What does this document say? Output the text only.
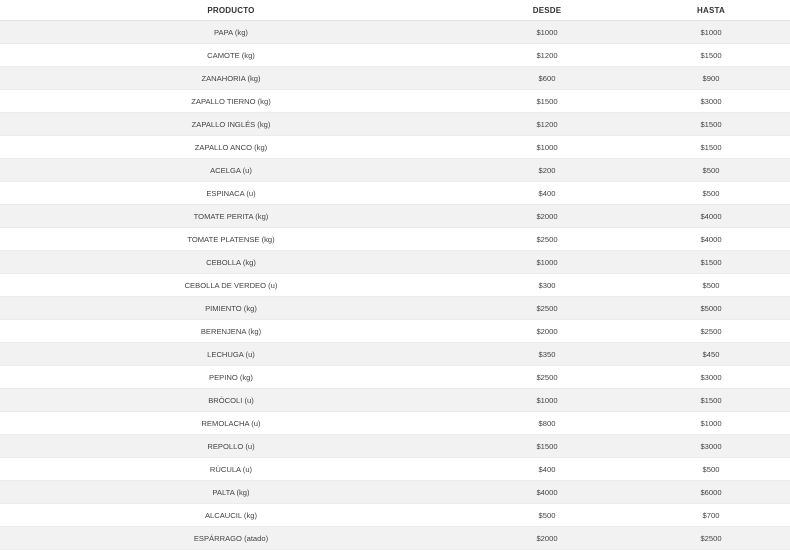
PRODUCTO	DESDE	HASTA
PAPA (kg)	$1000	$1000
CAMOTE (kg)	$1200	$1500
ZANAHORIA (kg)	$600	$900
ZAPALLO TIERNO (kg)	$1500	$3000
ZAPALLO INGLÉS (kg)	$1200	$1500
ZAPALLO ANCO (kg)	$1000	$1500
ACELGA (u)	$200	$500
ESPINACA (u)	$400	$500
TOMATE PERITA (kg)	$2000	$4000
TOMATE PLATENSE (kg)	$2500	$4000
CEBOLLA (kg)	$1000	$1500
CEBOLLA DE VERDEO (u)	$300	$500
PIMIENTO (kg)	$2500	$5000
BERENJENA (kg)	$2000	$2500
LECHUGA (u)	$350	$450
PEPINO (kg)	$2500	$3000
BRÓCOLI (u)	$1000	$1500
REMOLACHA (u)	$800	$1000
REPOLLO (u)	$1500	$3000
RÚCULA (u)	$400	$500
PALTA (kg)	$4000	$6000
ALCAUCIL (kg)	$500	$700
ESPÁRRAGO (atado)	$2000	$2500
